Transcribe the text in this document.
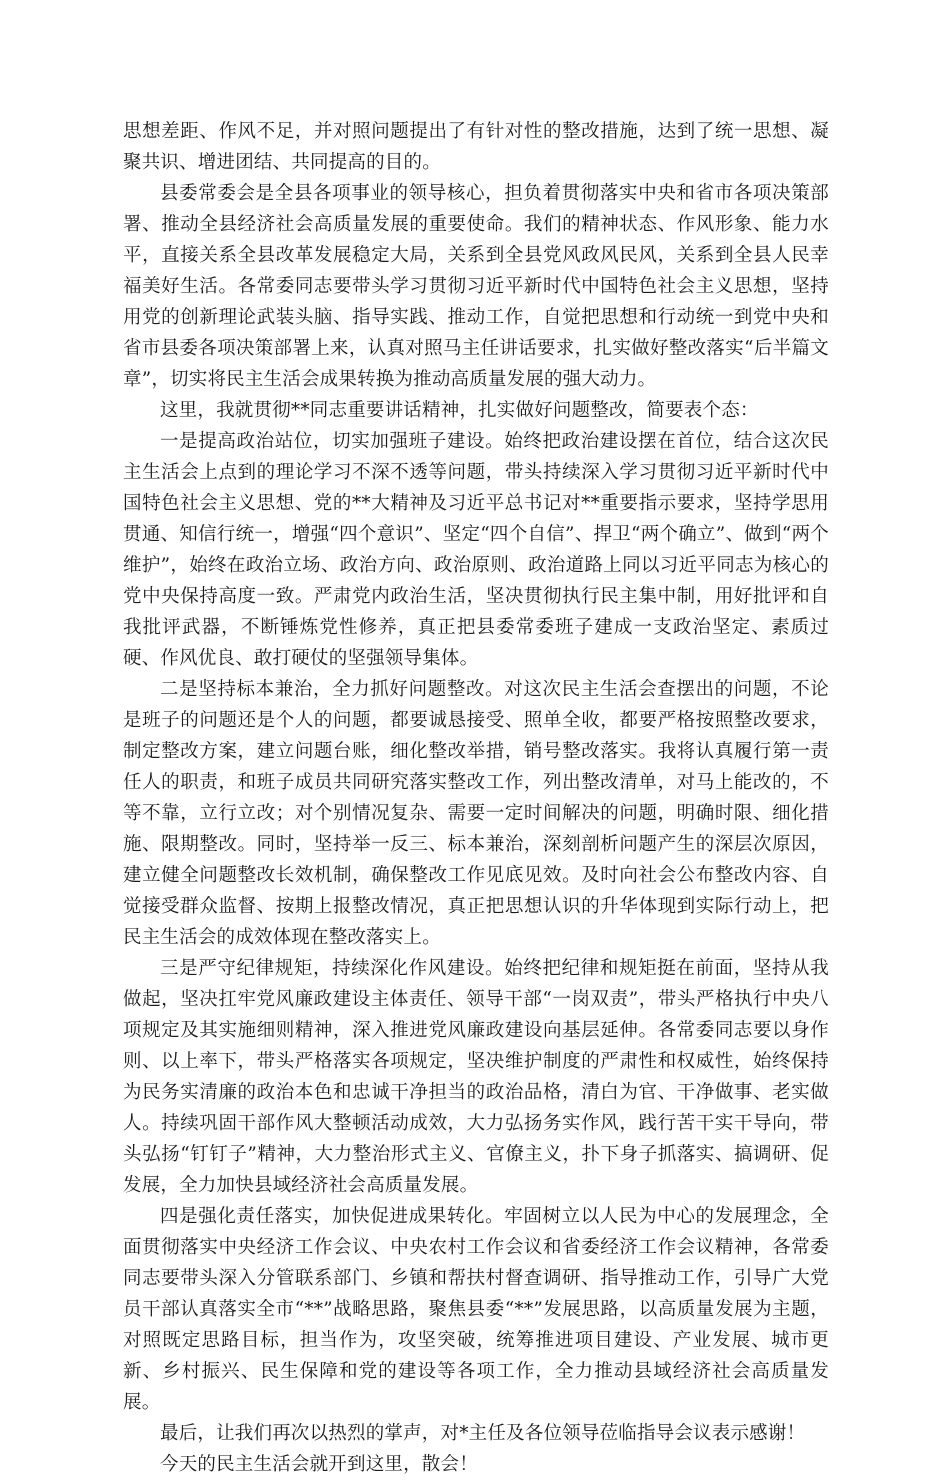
思想差距、作风不足，并对照问题提出了有针对性的整改措施，达到了统一思想、凝聚共识、增进团结、共同提高的目的。

县委常委会是全县各项事业的领导核心，担负着贯彻落实中央和省市各项决策部署、推动全县经济社会高质量发展的重要使命。我们的精神状态、作风形象、能力水平，直接关系全县改革发展稳定大局，关系到全县党风政风民风，关系到全县人民幸福美好生活。各常委同志要带头学习贯彻习近平新时代中国特色社会主义思想，坚持用党的创新理论武装头脑、指导实践、推动工作，自觉把思想和行动统一到党中央和省市县委各项决策部署上来，认真对照马主任讲话要求，扎实做好整改落实“后半篇文章”，切实将民主生活会成果转换为推动高质量发展的强大动力。

这里，我就贯彻**同志重要讲话精神，扎实做好问题整改，简要表个态：

一是提高政治站位，切实加强班子建设。始终把政治建设摆在首位，结合这次民主生活会上点到的理论学习不深不透等问题，带头持续深入学习贯彻习近平新时代中国特色社会主义思想、党的**大精神及习近平总书记对**重要指示要求，坚持学思用贯通、知信行统一，增强“四个意识”、坚定“四个自信”、捍卫“两个确立”、做到“两个维护”，始终在政治立场、政治方向、政治原则、政治道路上同以习近平同志为核心的党中央保持高度一致。严肃党内政治生活，坚决贯彻执行民主集中制，用好批评和自我批评武器，不断锤炼党性修养，真正把县委常委班子建成一支政治坚定、素质过硬、作风优良、敢打硬仗的坚强领导集体。

二是坚持标本兼治，全力抓好问题整改。对这次民主生活会查摆出的问题，不论是班子的问题还是个人的问题，都要诚恳接受、照单全收，都要严格按照整改要求，制定整改方案，建立问题台账，细化整改举措，销号整改落实。我将认真履行第一责任人的职责，和班子成员共同研究落实整改工作，列出整改清单，对马上能改的，不等不靠，立行立改；对个别情况复杂、需要一定时间解决的问题，明确时限、细化措施、限期整改。同时，坚持举一反三、标本兼治，深刻剖析问题产生的深层次原因，建立健全问题整改长效机制，确保整改工作见底见效。及时向社会公布整改内容、自觉接受群众监督、按期上报整改情况，真正把思想认识的升华体现到实际行动上，把民主生活会的成效体现在整改落实上。

三是严守纪律规矩，持续深化作风建设。始终把纪律和规矩挺在前面，坚持从我做起，坚决扛牢党风廉政建设主体责任、领导干部“一岗双责”，带头严格执行中央八项规定及其实施细则精神，深入推进党风廉政建设向基层延伸。各常委同志要以身作则、以上率下，带头严格落实各项规定，坚决维护制度的严肃性和权威性，始终保持为民务实清廉的政治本色和忠诚干净担当的政治品格，清白为官、干净做事、老实做人。持续巩固干部作风大整顿活动成效，大力弘扬务实作风，践行苦干实干导向，带头弘扬“钉钉子”精神，大力整治形式主义、官僚主义，扑下身子抓落实、搞调研、促发展，全力加快县域经济社会高质量发展。

四是强化责任落实，加快促进成果转化。牢固树立以人民为中心的发展理念，全面贯彻落实中央经济工作会议、中央农村工作会议和省委经济工作会议精神，各常委同志要带头深入分管联系部门、乡镇和帮扶村督查调研、指导推动工作，引导广大党员干部认真落实全市“**”战略思路，聚焦县委“**”发展思路，以高质量发展为主题，对照既定思路目标，担当作为，攻坚突破，统筹推进项目建设、产业发展、城市更新、乡村振兴、民生保障和党的建设等各项工作，全力推动县域经济社会高质量发展。

最后，让我们再次以热烈的掌声，对*主任及各位领导莅临指导会议表示感谢！

今天的民主生活会就开到这里，散会！
